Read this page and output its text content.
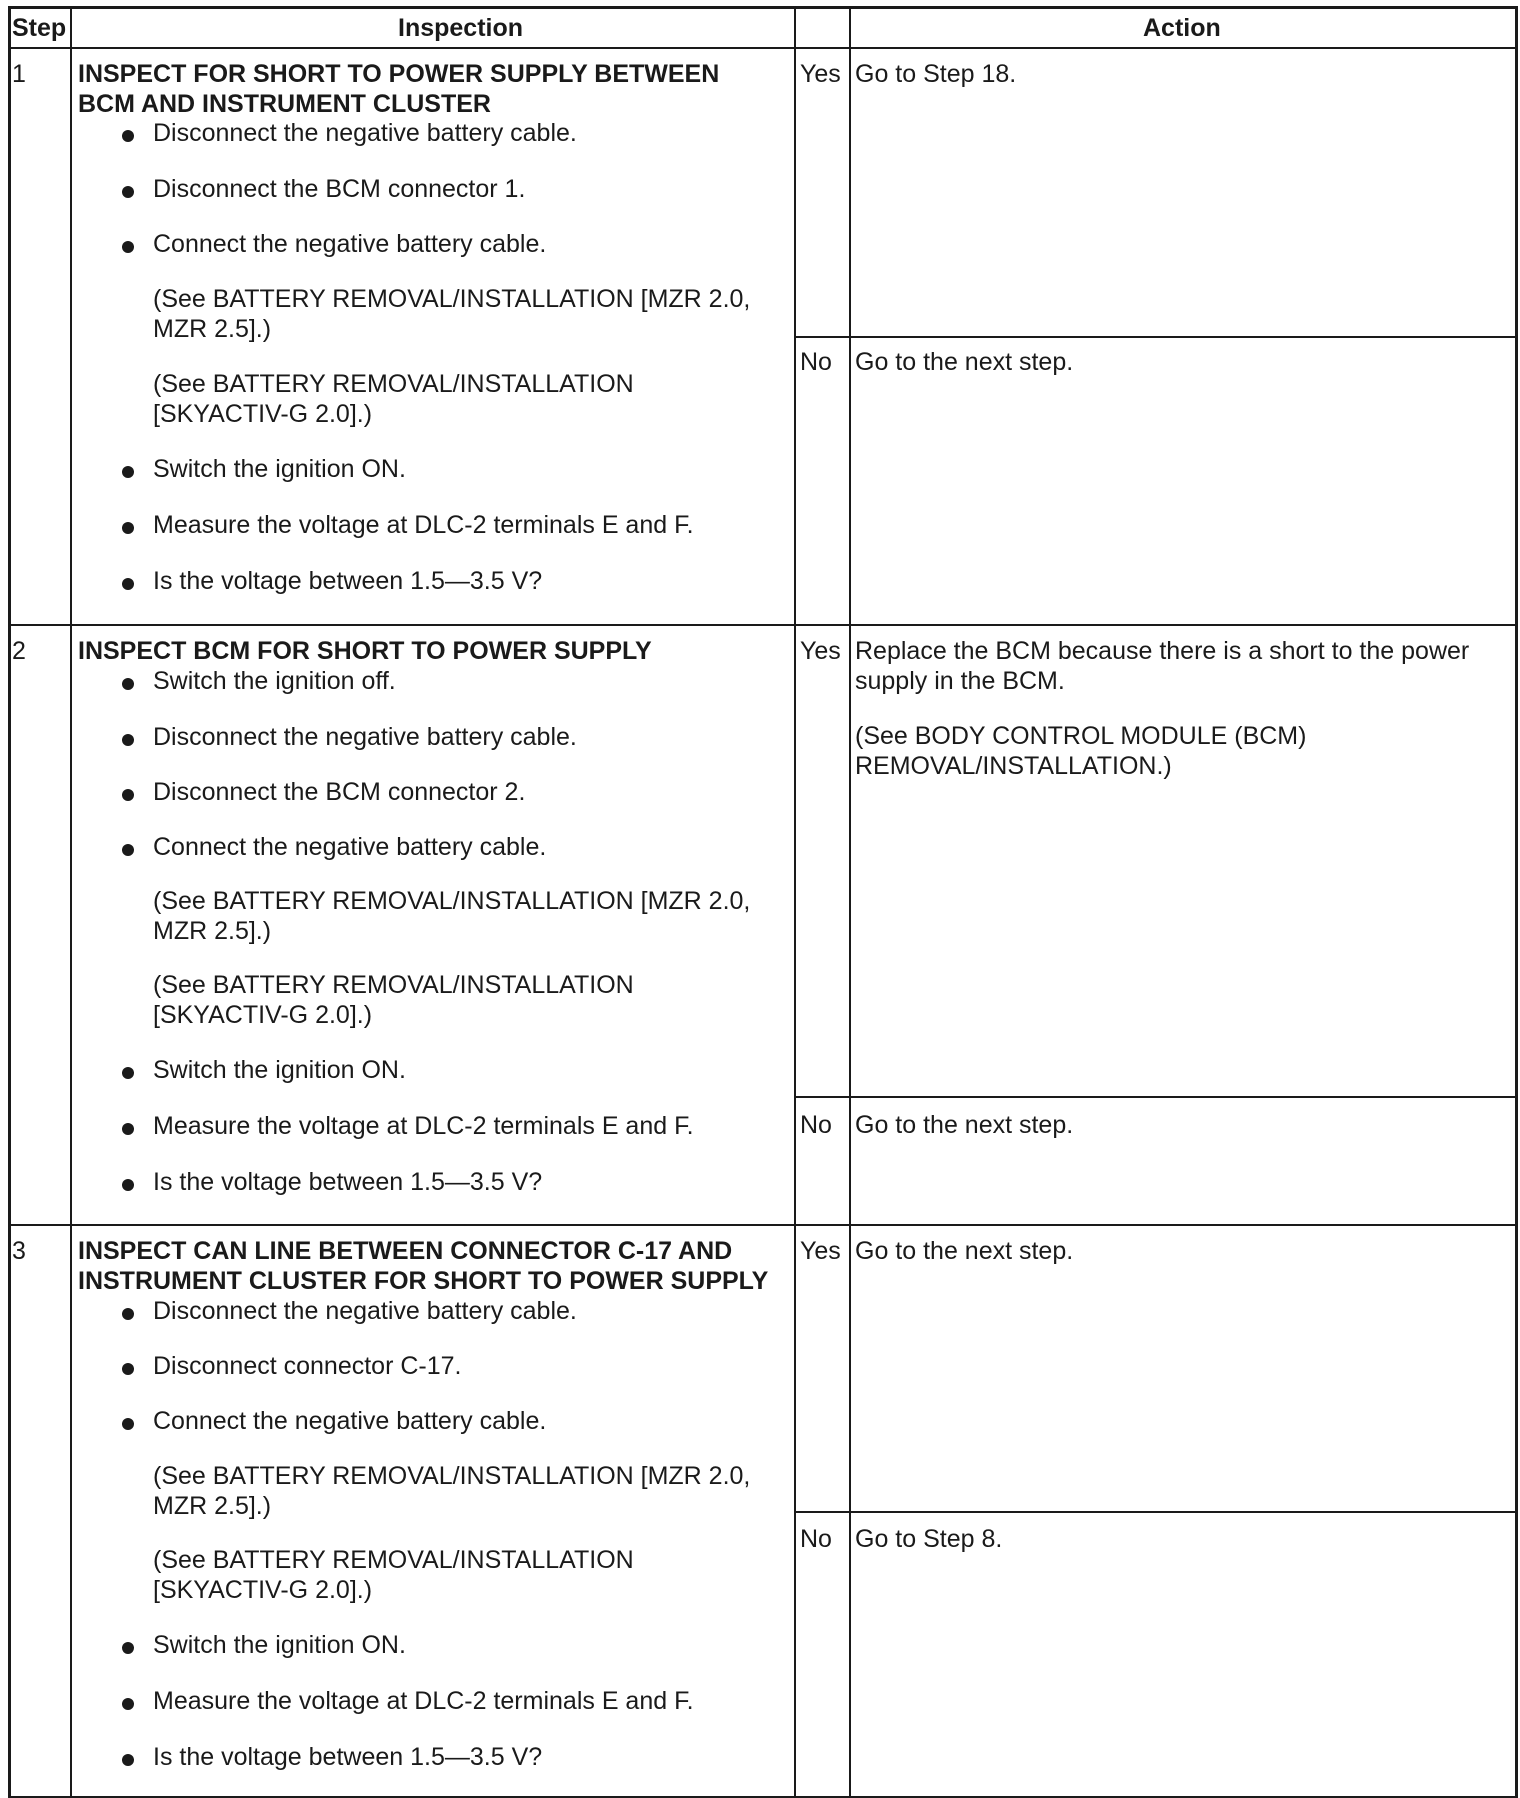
Step	Inspection	Action
1 INSPECT FOR SHORT TO POWER SUPPLY BETWEEN
BCM AND INSTRUMENT CLUSTER
Disconnect the negative battery cable.
Disconnect the BCM connector 1.
Connect the negative battery cable.
(See BATTERY REMOVAL/INSTALLATION [MZR 2.0,
MZR 2.5].)
(See BATTERY REMOVAL/INSTALLATION
[SKYACTIV-G 2.0].)
Switch the ignition ON.
Measure the voltage at DLC-2 terminals E and F.
Is the voltage between 1.5—3.5 V?
Yes Go to Step 18.
No Go to the next step.
2 INSPECT BCM FOR SHORT TO POWER SUPPLY
Switch the ignition off.
Disconnect the negative battery cable.
Disconnect the BCM connector 2.
Connect the negative battery cable.
(See BATTERY REMOVAL/INSTALLATION [MZR 2.0,
MZR 2.5].)
(See BATTERY REMOVAL/INSTALLATION
[SKYACTIV-G 2.0].)
Switch the ignition ON.
Measure the voltage at DLC-2 terminals E and F.
Is the voltage between 1.5—3.5 V?
Yes Replace the BCM because there is a short to the power
supply in the BCM.
(See BODY CONTROL MODULE (BCM)
REMOVAL/INSTALLATION.)
No Go to the next step.
3 INSPECT CAN LINE BETWEEN CONNECTOR C-17 AND
INSTRUMENT CLUSTER FOR SHORT TO POWER SUPPLY
Disconnect the negative battery cable.
Disconnect connector C-17.
Connect the negative battery cable.
(See BATTERY REMOVAL/INSTALLATION [MZR 2.0,
MZR 2.5].)
(See BATTERY REMOVAL/INSTALLATION
[SKYACTIV-G 2.0].)
Switch the ignition ON.
Measure the voltage at DLC-2 terminals E and F.
Is the voltage between 1.5—3.5 V?
Yes Go to the next step.
No Go to Step 8.
